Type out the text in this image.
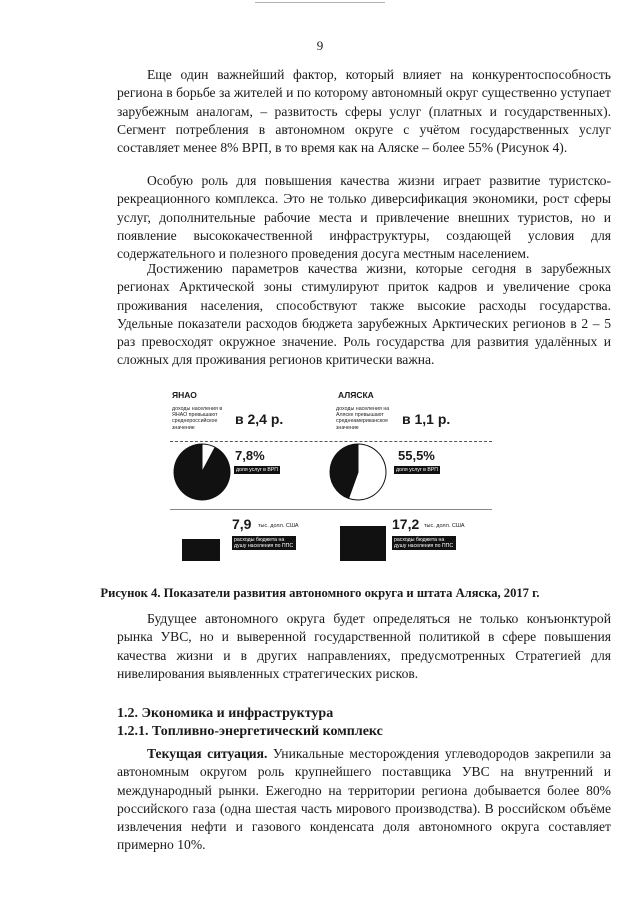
9

Еще один важнейший фактор, который влияет на конкурентоспособность региона в борьбе за жителей и по которому автономный округ существенно уступает зарубежным аналогам, – развитость сферы услуг (платных и государственных). Сегмент потребления в автономном округе с учётом государственных услуг составляет менее 8% ВРП, в то время как на Аляске – более 55% (Рисунок 4).

Особую роль для повышения качества жизни играет развитие туристско-рекреационного комплекса. Это не только диверсификация экономики, рост сферы услуг, дополнительные рабочие места и привлечение внешних туристов, но и появление высококачественной инфраструктуры, создающей условия для содержательного и полезного проведения досуга местным населением.

Достижению параметров качества жизни, которые сегодня в зарубежных регионах Арктической зоны стимулируют приток кадров и увеличение срока проживания населения, способствуют также высокие расходы государства. Удельные показатели расходов бюджета зарубежных Арктических регионов в 2 – 5 раз превосходят окружное значение. Роль государства для развития удалённых и сложных для проживания регионов критически важна.

ЯНАО	АЛЯСКА
доходы населения в ЯНАО превышают среднероссийское значение
в 2,4 р.
доходы населения на Аляске превышают среднеамериканское значение
в 1,1 р.
7,8%
доля услуг в ВРП
55,5%
доля услуг в ВРП
7,9 тыс. долл. США
расходы бюджета на душу населения по ППС
17,2 тыс. долл. США
расходы бюджета на душу населения по ППС

Рисунок 4. Показатели развития автономного округа и штата Аляска, 2017 г.

Будущее автономного округа будет определяться не только конъюнктурой рынка УВС, но и выверенной государственной политикой в сфере повышения качества жизни и в других направлениях, предусмотренных Стратегией для нивелирования выявленных стратегических рисков.

1.2. Экономика и инфраструктура

1.2.1. Топливно-энергетический комплекс

Текущая ситуация. Уникальные месторождения углеводородов закрепили за автономным округом роль крупнейшего поставщика УВС на внутренний и международный рынки. Ежегодно на территории региона добывается более 80% российского газа (одна шестая часть мирового производства). В российском объёме извлечения нефти и газового конденсата доля автономного округа составляет примерно 10%.
